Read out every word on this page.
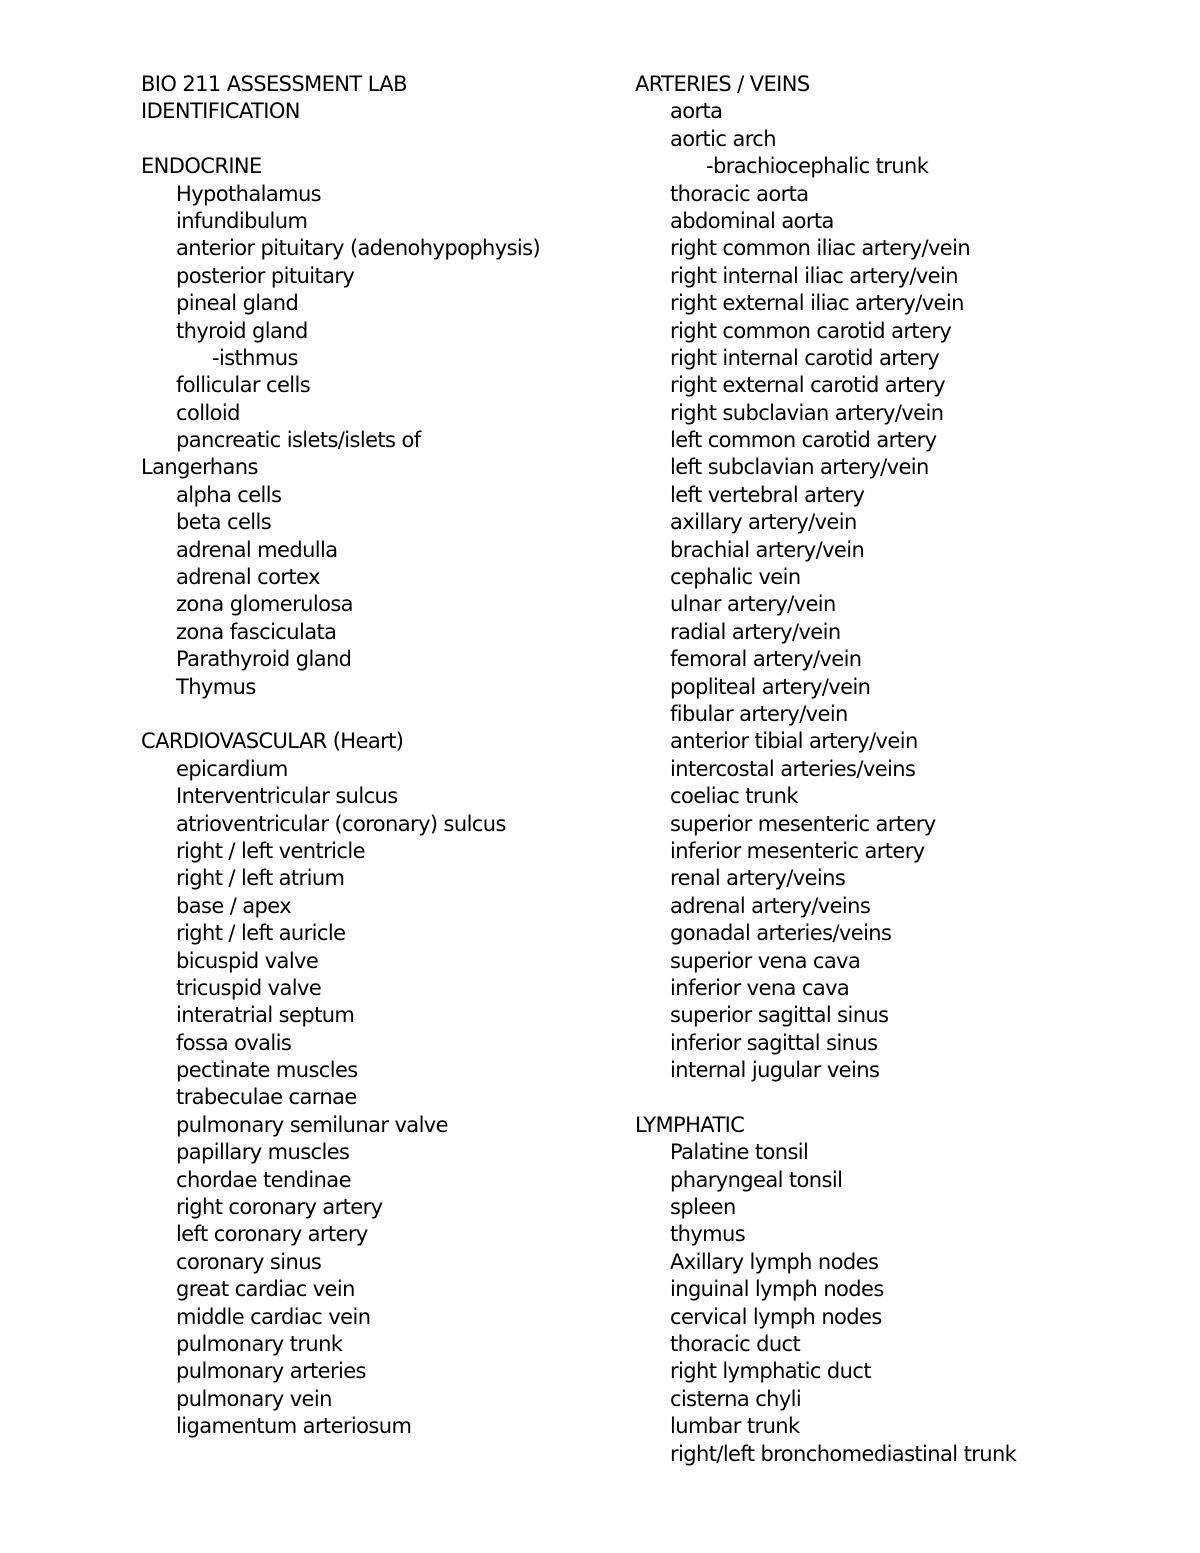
BIO 211 ASSESSMENT LAB
IDENTIFICATION
ENDOCRINE
Hypothalamus
infundibulum
anterior pituitary (adenohypophysis)
posterior pituitary
pineal gland
thyroid gland
-isthmus
follicular cells
colloid
pancreatic islets/islets of
Langerhans
alpha cells
beta cells
adrenal medulla
adrenal cortex
zona glomerulosa
zona fasciculata
Parathyroid gland
Thymus
CARDIOVASCULAR (Heart)
epicardium
Interventricular sulcus
atrioventricular (coronary) sulcus
right / left ventricle
right / left atrium
base / apex
right / left auricle
bicuspid valve
tricuspid valve
interatrial septum
fossa ovalis
pectinate muscles
trabeculae carnae
pulmonary semilunar valve
papillary muscles
chordae tendinae
right coronary artery
left coronary artery
coronary sinus
great cardiac vein
middle cardiac vein
pulmonary trunk
pulmonary arteries
pulmonary vein
ligamentum arteriosum
ARTERIES / VEINS
aorta
aortic arch
-brachiocephalic trunk
thoracic aorta
abdominal aorta
right common iliac artery/vein
right internal iliac artery/vein
right external iliac artery/vein
right common carotid artery
right internal carotid artery
right external carotid artery
right subclavian artery/vein
left common carotid artery
left subclavian artery/vein
left vertebral artery
axillary artery/vein
brachial artery/vein
cephalic vein
ulnar artery/vein
radial artery/vein
femoral artery/vein
popliteal artery/vein
fibular artery/vein
anterior tibial artery/vein
intercostal arteries/veins
coeliac trunk
superior mesenteric artery
inferior mesenteric artery
renal artery/veins
adrenal artery/veins
gonadal arteries/veins
superior vena cava
inferior vena cava
superior sagittal sinus
inferior sagittal sinus
internal jugular veins
LYMPHATIC
Palatine tonsil
pharyngeal tonsil
spleen
thymus
Axillary lymph nodes
inguinal lymph nodes
cervical lymph nodes
thoracic duct
right lymphatic duct
cisterna chyli
lumbar trunk
right/left bronchomediastinal trunk
